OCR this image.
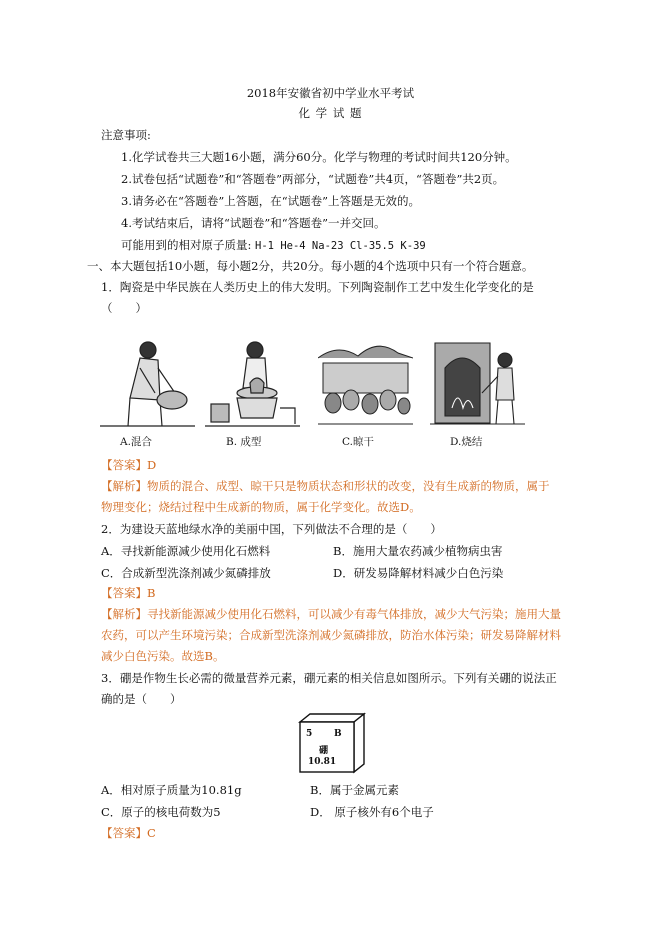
2018年安徽省初中学业水平考试
化 学 试 题
注意事项:
1.化学试卷共三大题16小题，满分60分。化学与物理的考试时间共120分钟。
2.试卷包括“试题卷”和“答题卷”两部分，“试题卷”共4页，“答题卷”共2页。
3.请务必在“答题卷”上答题，在“试题卷”上答题是无效的。
4.考试结束后，请将“试题卷”和“答题卷”一并交回。
可能用到的相对原子质量: H-1 He-4 Na-23 Cl-35.5 K-39
一、本大题包括10小题，每小题2分，共20分。每小题的4个选项中只有一个符合题意。
1．陶瓷是中华民族在人类历史上的伟大发明。下列陶瓷制作工艺中发生化学变化的是
（　　）
A.混合	B. 成型	C.晾干	D.烧结
【答案】D
【解析】物质的混合、成型、晾干只是物质状态和形状的改变，没有生成新的物质，属于
物理变化；烧结过程中生成新的物质，属于化学变化。故选D。
2．为建设天蓝地绿水净的美丽中国，下列做法不合理的是（　　）
A．寻找新能源减少使用化石燃料	B．施用大量农药减少植物病虫害
C．合成新型洗涤剂减少氮磷排放	D．研发易降解材料减少白色污染
【答案】B
【解析】寻找新能源减少使用化石燃料，可以减少有毒气体排放，减少大气污染；施用大量
农药，可以产生环境污染；合成新型洗涤剂减少氮磷排放，防治水体污染；研发易降解材料
减少白色污染。故选B。
3．硼是作物生长必需的微量营养元素，硼元素的相关信息如图所示。下列有关硼的说法正
确的是（　　）
5 B
硼
10.81
A．相对原子质量为10.81g	B．属于金属元素
C．原子的核电荷数为5	D． 原子核外有6个电子
【答案】C
